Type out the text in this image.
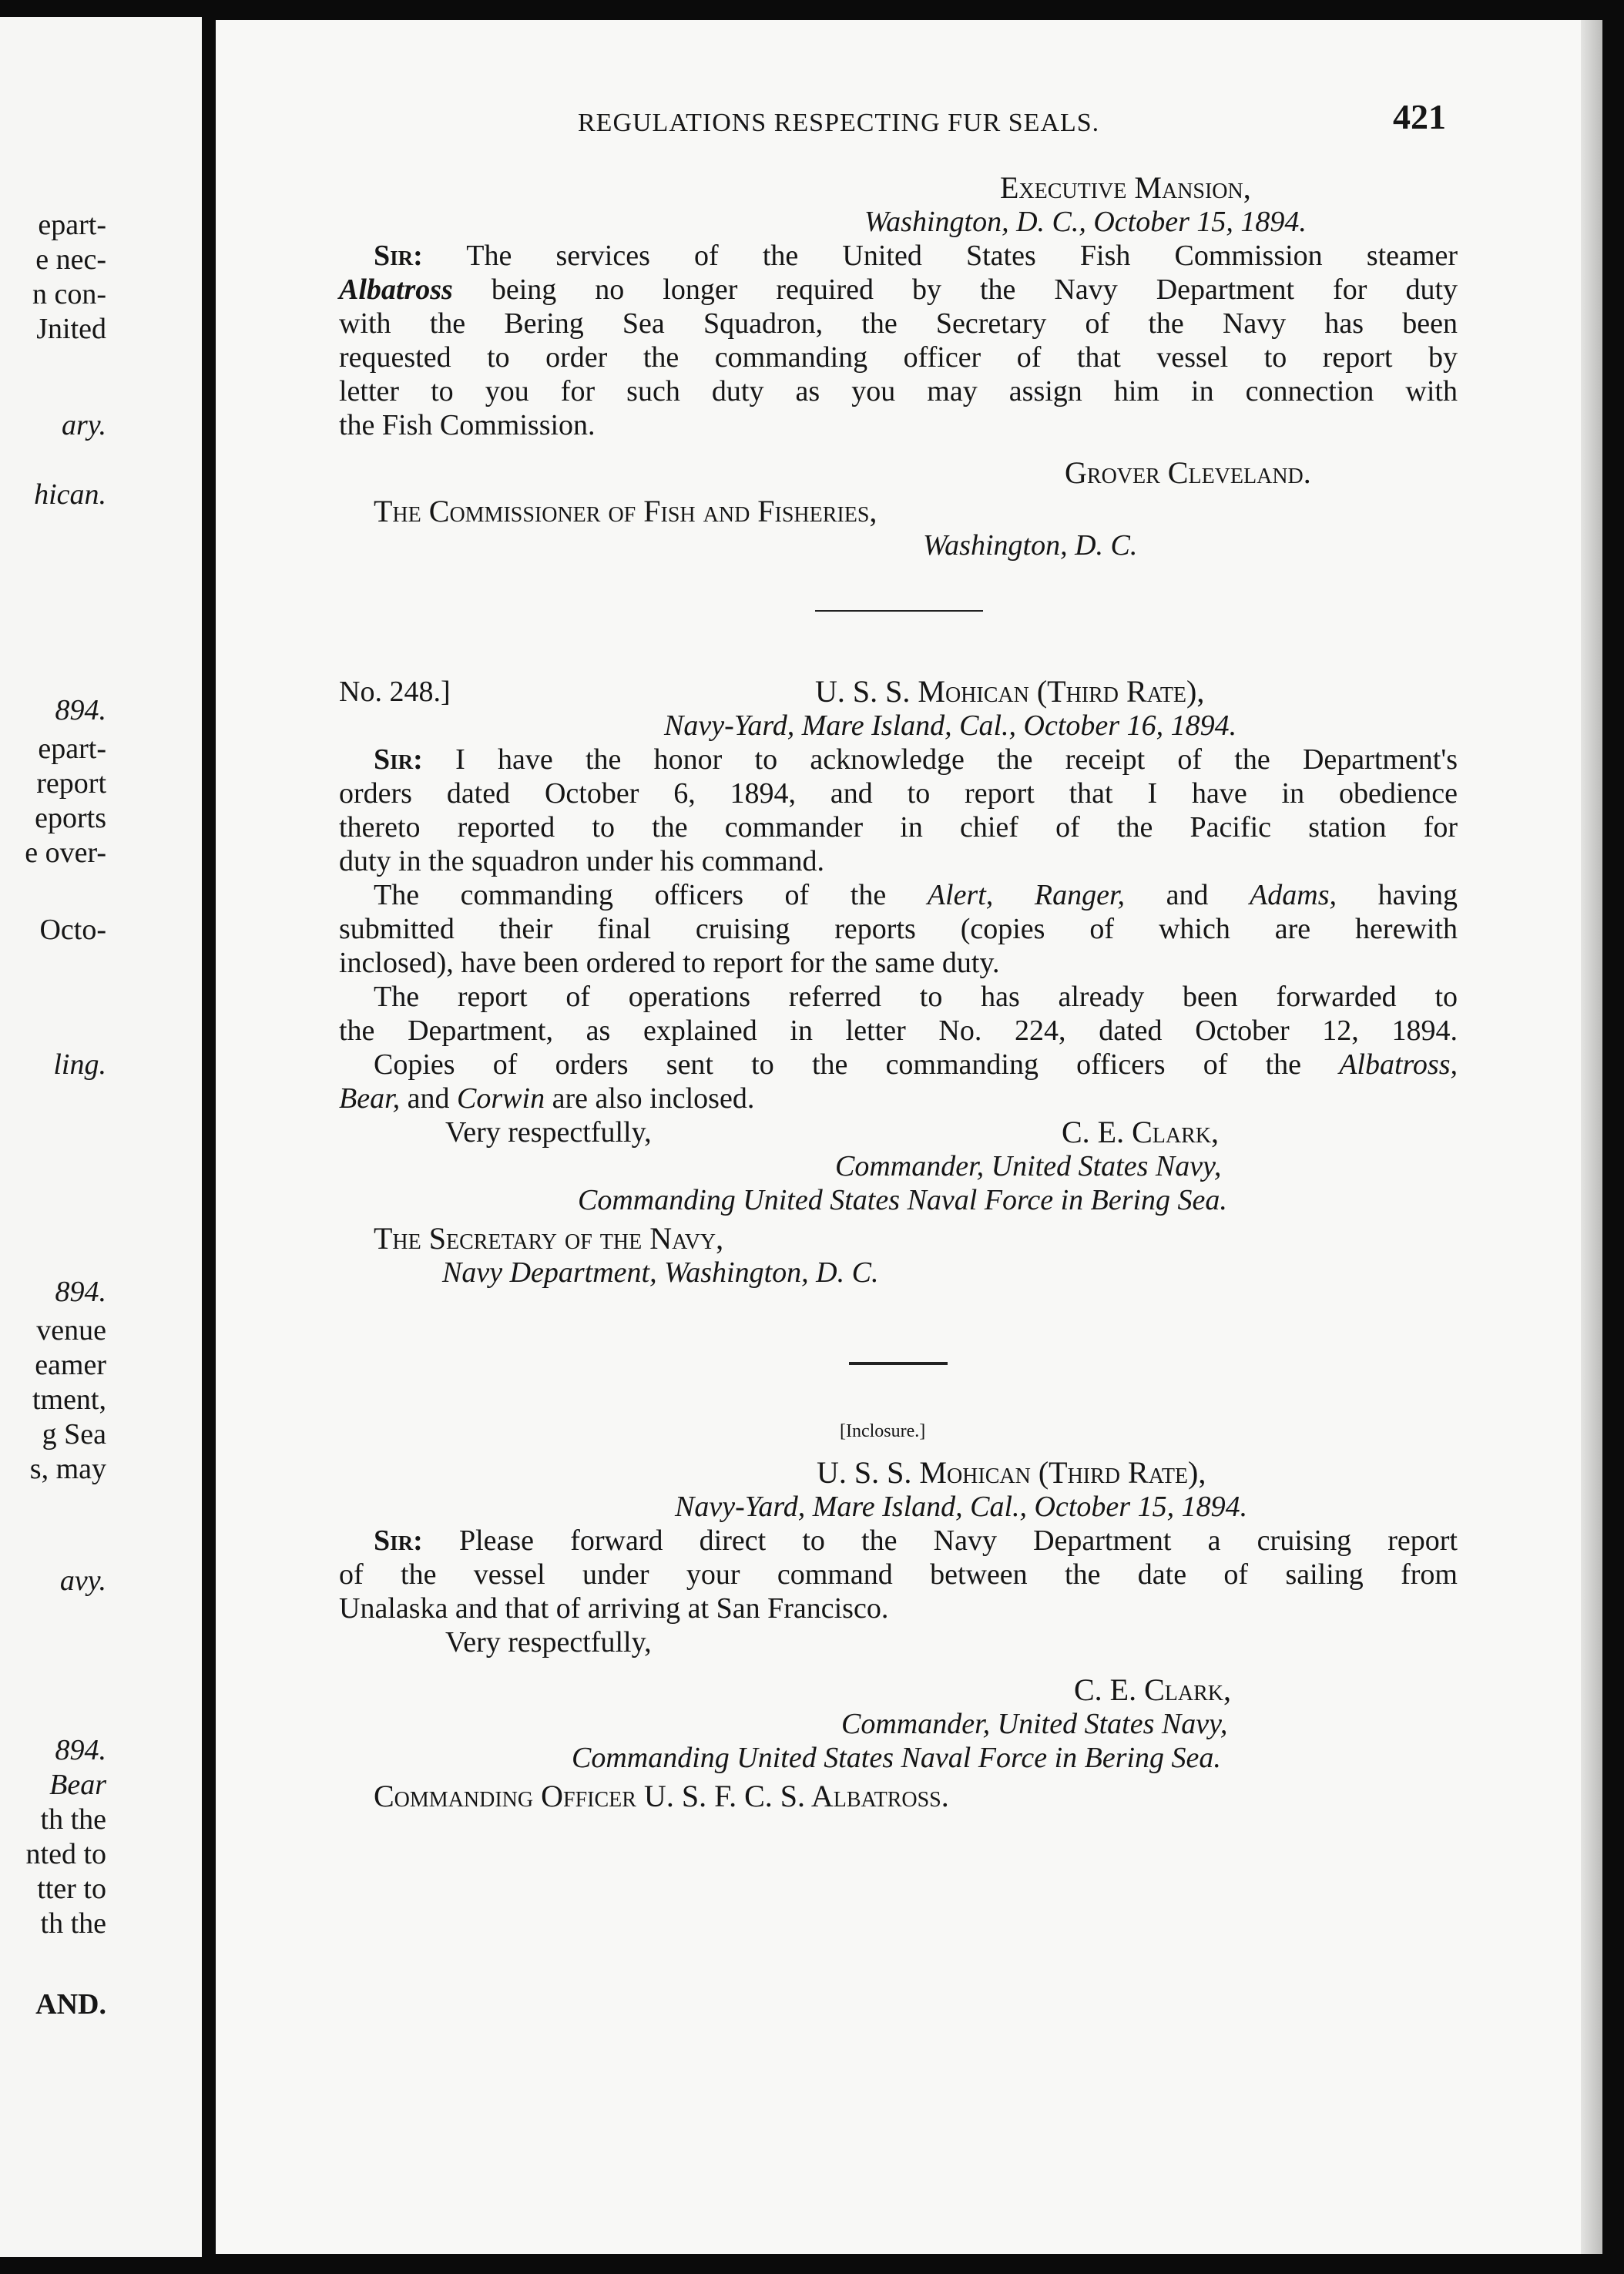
epart-
e nec-
n con-
Jnited
ary.
hican.
894.
epart-
report
eports
e over-
Octo-
ling.
894.
venue
eamer
tment,
g Sea
s, may
avy.
894.
Bear
th the
nted to
tter to
th the
AND.
REGULATIONS RESPECTING FUR SEALS.	421
Executive Mansion,
Washington, D. C., October 15, 1894.
Sir: The services of the United States Fish Commission steamer
Albatross being no longer required by the Navy Department for duty
with the Bering Sea Squadron, the Secretary of the Navy has been
requested to order the commanding officer of that vessel to report by
letter to you for such duty as you may assign him in connection with
the Fish Commission.
Grover Cleveland.
The Commissioner of Fish and Fisheries,
Washington, D. C.
No. 248.]	U. S. S. Mohican (Third Rate),
Navy-Yard, Mare Island, Cal., October 16, 1894.
Sir: I have the honor to acknowledge the receipt of the Department's
orders dated October 6, 1894, and to report that I have in obedience
thereto reported to the commander in chief of the Pacific station for
duty in the squadron under his command.
The commanding officers of the Alert, Ranger, and Adams, having
submitted their final cruising reports (copies of which are herewith
inclosed), have been ordered to report for the same duty.
The report of operations referred to has already been forwarded to
the Department, as explained in letter No. 224, dated October 12, 1894.
Copies of orders sent to the commanding officers of the Albatross,
Bear, and Corwin are also inclosed.
Very respectfully,	C. E. Clark,
Commander, United States Navy,
Commanding United States Naval Force in Bering Sea.
The Secretary of the Navy,
Navy Department, Washington, D. C.
[Inclosure.]
U. S. S. Mohican (Third Rate),
Navy-Yard, Mare Island, Cal., October 15, 1894.
Sir: Please forward direct to the Navy Department a cruising report
of the vessel under your command between the date of sailing from
Unalaska and that of arriving at San Francisco.
Very respectfully,
C. E. Clark,
Commander, United States Navy,
Commanding United States Naval Force in Bering Sea.
Commanding Officer U. S. F. C. S. Albatross.
